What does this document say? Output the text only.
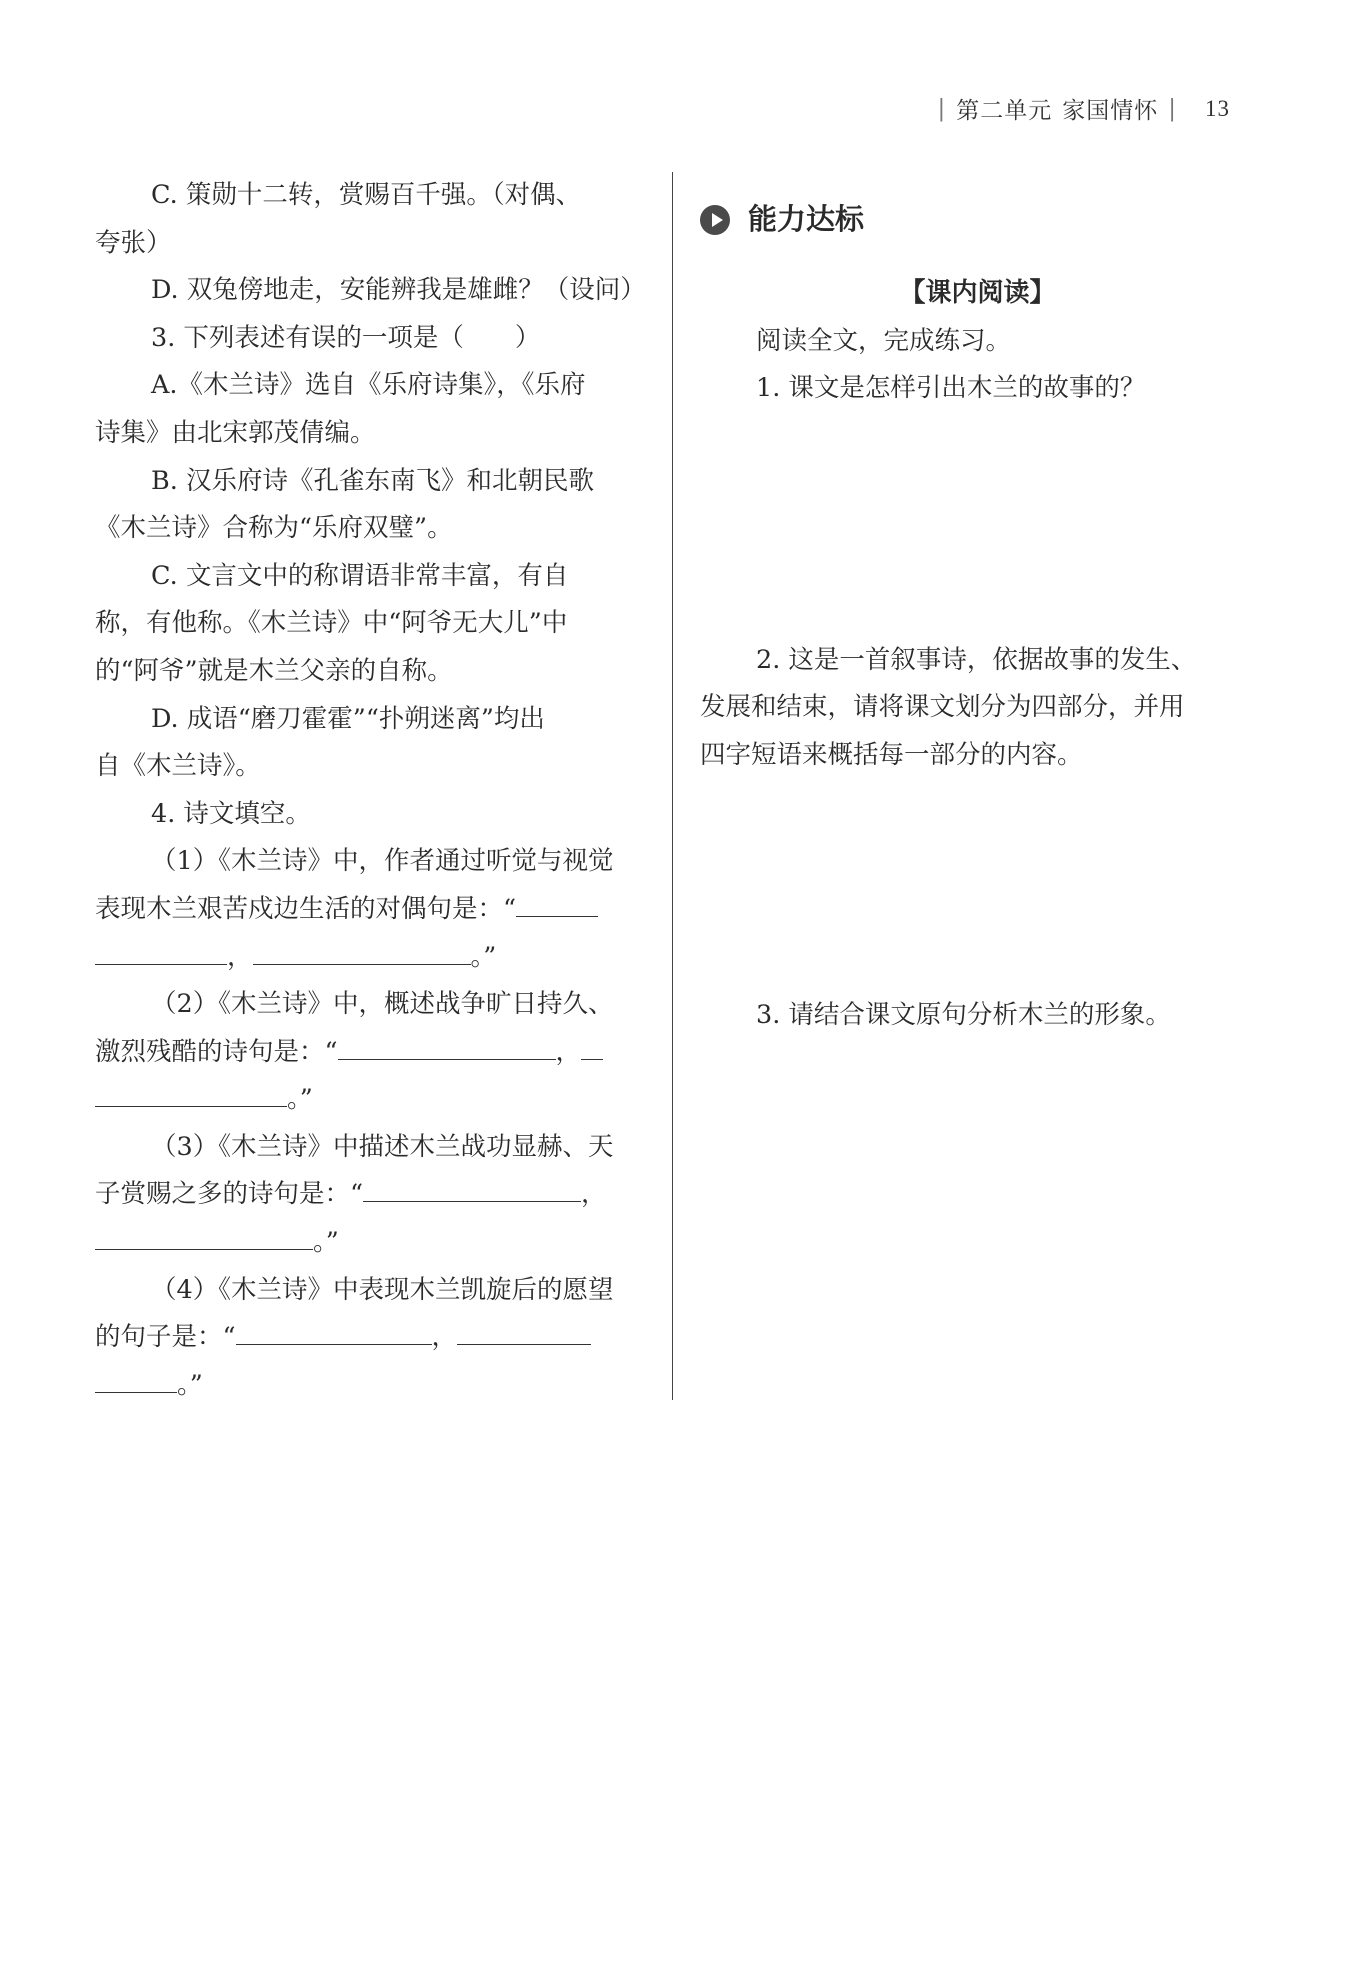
| 第二单元 家国情怀 | 13

C. 策勋十二转，赏赐百千强。（对偶、

夸张）

D. 双兔傍地走，安能辨我是雄雌？（设问）

3. 下列表述有误的一项是（　　）

A.《木兰诗》选自《乐府诗集》，《乐府

诗集》由北宋郭茂倩编。

B. 汉乐府诗《孔雀东南飞》和北朝民歌

《木兰诗》合称为“乐府双璧”。

C. 文言文中的称谓语非常丰富，有自

称，有他称。《木兰诗》中“阿爷无大儿”中

的“阿爷”就是木兰父亲的自称。

D. 成语“磨刀霍霍”“扑朔迷离”均出

自《木兰诗》。

4. 诗文填空。

（1）《木兰诗》中，作者通过听觉与视觉

表现木兰艰苦戍边生活的对偶句是：“

，	。”

（2）《木兰诗》中，概述战争旷日持久、

激烈残酷的诗句是：“	，

。”

（3）《木兰诗》中描述木兰战功显赫、天

子赏赐之多的诗句是：“	，

。”

（4）《木兰诗》中表现木兰凯旋后的愿望

的句子是：“	，

。”

能力达标

【课内阅读】

阅读全文，完成练习。

1. 课文是怎样引出木兰的故事的？

2. 这是一首叙事诗，依据故事的发生、

发展和结束，请将课文划分为四部分，并用

四字短语来概括每一部分的内容。

3. 请结合课文原句分析木兰的形象。
